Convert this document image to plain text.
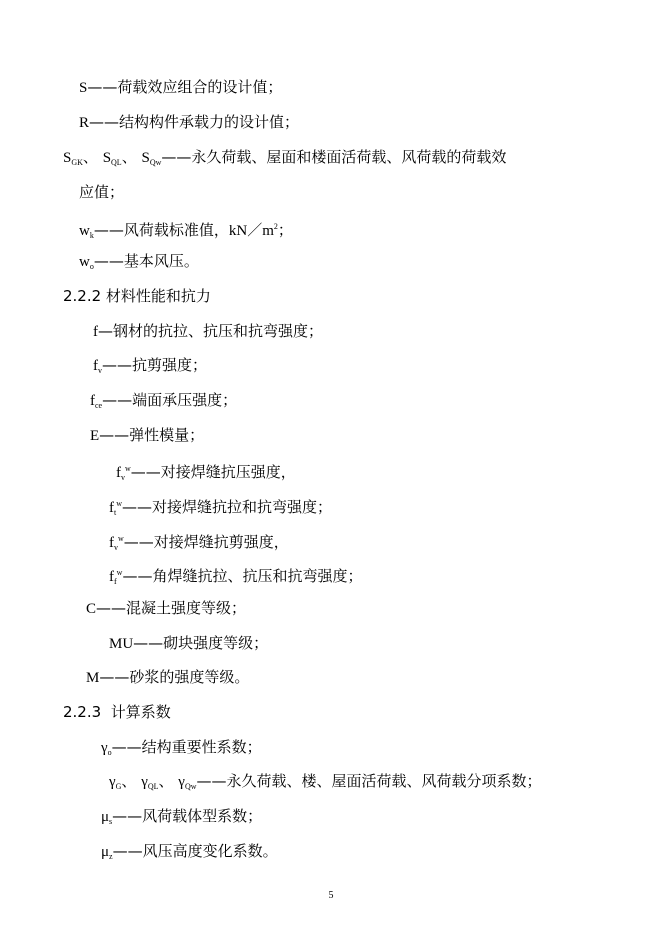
S——荷载效应组合的设计值；
R——结构构件承载力的设计值；
$S_{GK}$、 $S_{QL}$、 $S_{Qw}——$永久荷载、屋面和楼面活荷载、风荷载的荷载效
应值；
$w_k——$风荷载标准值，$kN/m^2$；
$w_o——$基本风压。
2.2.2 材料性能和抗力
f—钢材的抗拉、抗压和抗弯强度；
$f_v——$抗剪强度；
$f_{ce}——$端面承压强度；
E——弹性模量；
$f_v^w——$对接焊缝抗压强度，
$f_t^w——$对接焊缝抗拉和抗弯强度；
$f_v^w——$对接焊缝抗剪强度，
$f_f^w——$角焊缝抗拉、抗压和抗弯强度；
C——混凝土强度等级；
MU——砌块强度等级；
M——砂浆的强度等级。
2.2.3 计算系数
$\gamma_o——$结构重要性系数；
$\gamma_G$、 $\gamma_{QL}$、 $\gamma_{Qw}——$永久荷载、楼、屋面活荷载、风荷载分项系数；
$\mu_s——$风荷载体型系数；
$\mu_z——$风压高度变化系数。
5
